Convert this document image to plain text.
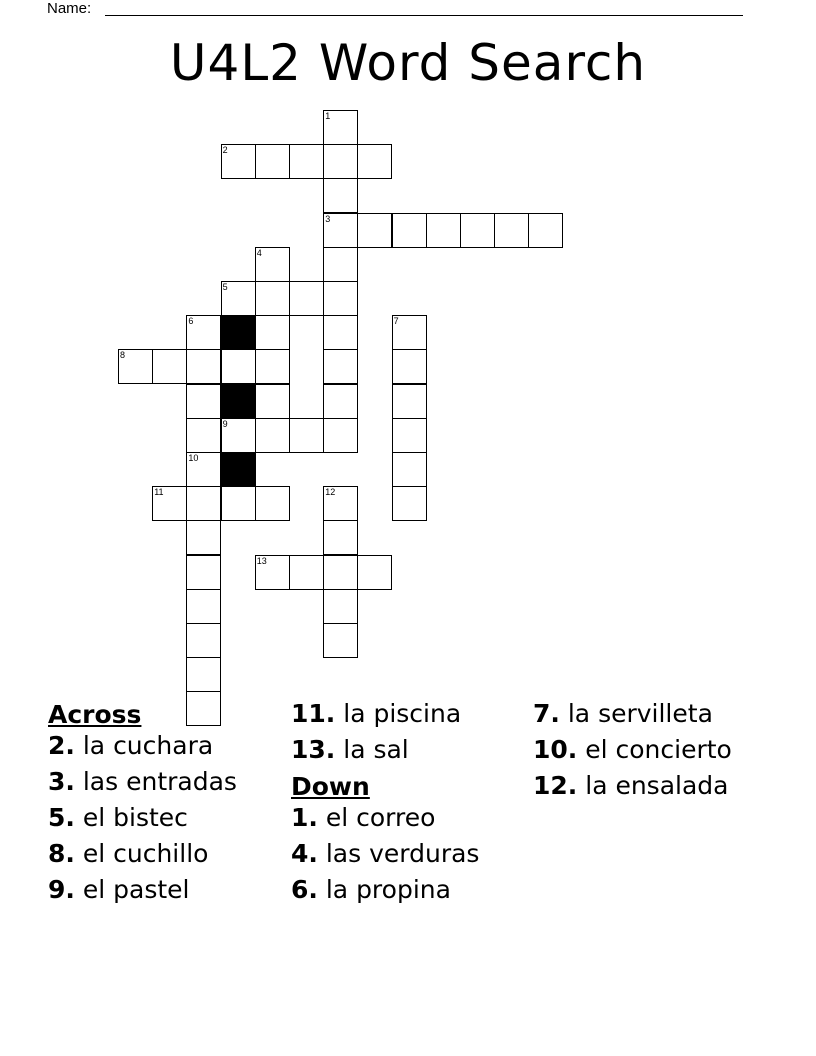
Name:
U4L2 Word Search
1
3
2
4
5
6
10
7
8
9
11	12
13
Across
2. la cuchara
3. las entradas
5. el bistec
8. el cuchillo
9. el pastel
11. la piscina
13. la sal
Down
1. el correo
4. las verduras
6. la propina
7. la servilleta
10. el concierto
12. la ensalada
